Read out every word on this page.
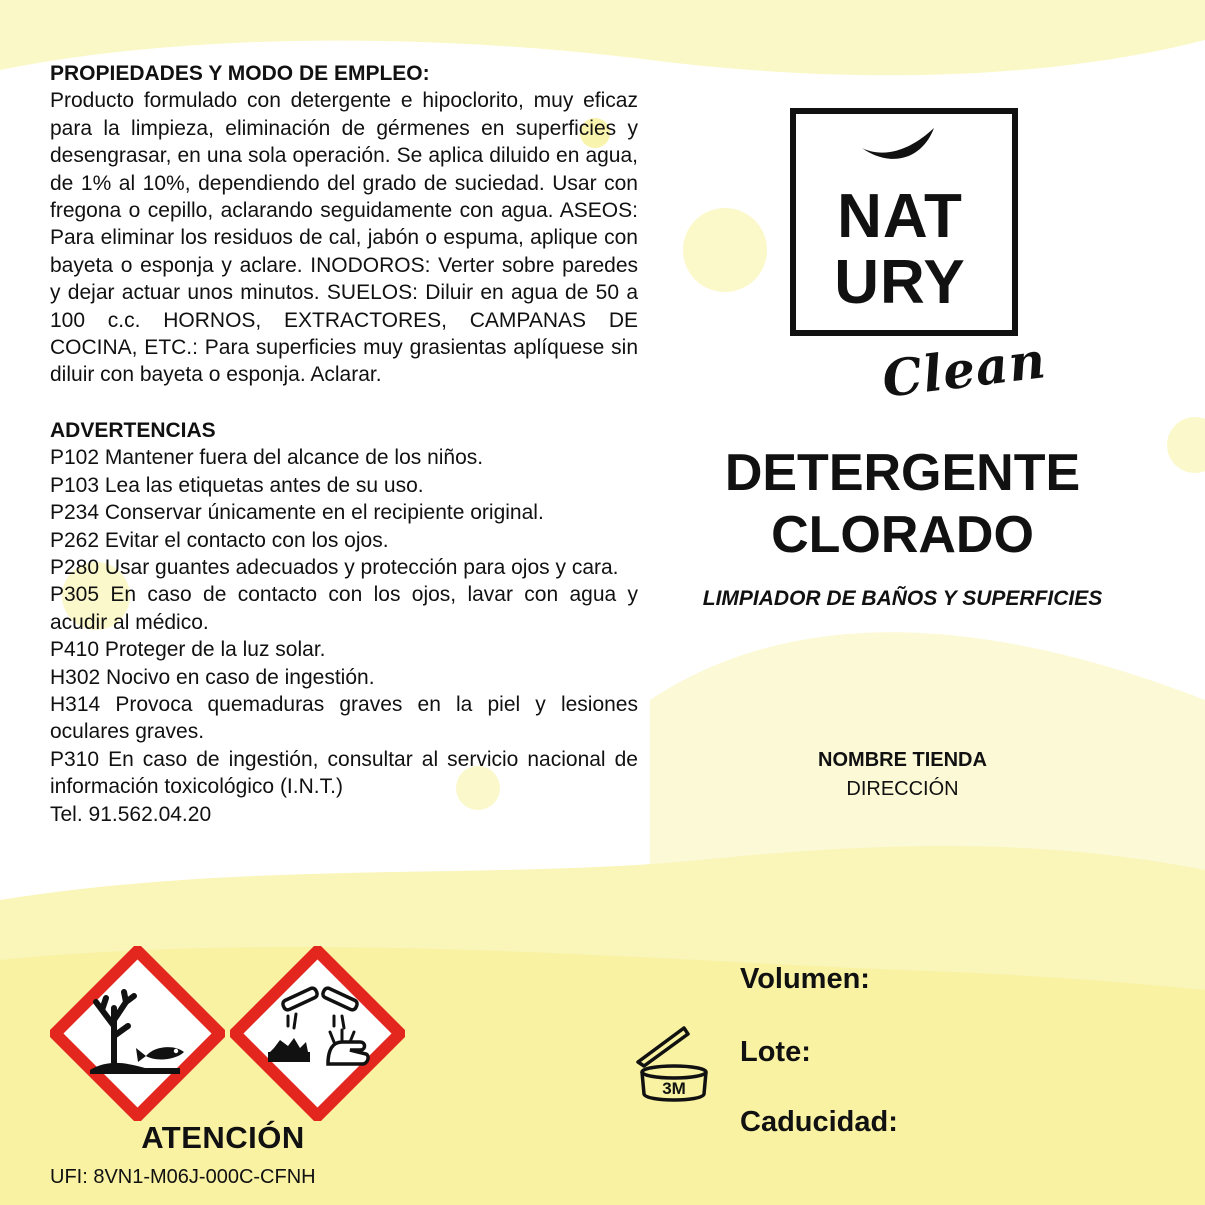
PROPIEDADES Y MODO DE EMPLEO:

Producto formulado con detergente e hipoclorito, muy eficaz para la limpieza, eliminación de gérmenes en superficies y desengrasar, en una sola operación. Se aplica diluido en agua, de 1% al 10%, dependiendo del grado de suciedad. Usar con fregona o cepillo, aclarando seguidamente con agua. ASEOS: Para eliminar los residuos de cal, jabón o espuma, aplique con bayeta o esponja y aclare. INODOROS: Verter sobre paredes y dejar actuar unos minutos. SUELOS: Diluir en agua de 50 a 100 c.c. HORNOS, EXTRACTORES, CAMPANAS DE COCINA, ETC.: Para superficies muy grasientas aplíquese sin diluir con bayeta o esponja. Aclarar.

ADVERTENCIAS

P102 Mantener fuera del alcance de los niños.

P103 Lea las etiquetas antes de su uso.

P234 Conservar únicamente en el recipiente original.

P262 Evitar el contacto con los ojos.

P280 Usar guantes adecuados y protección para ojos y cara.

P305 En caso de contacto con los ojos, lavar con agua y acudir al médico.

P410 Proteger de la luz solar.

H302 Nocivo en caso de ingestión.

H314 Provoca quemaduras graves en la piel y lesiones oculares graves.

P310 En caso de ingestión, consultar al servicio nacional de información toxicológico (I.N.T.)

Tel. 91.562.04.20

ATENCIÓN
UFI: 8VN1-M06J-000C-CFNH
NAT
URY
Clean
DETERGENTE
CLORADO
LIMPIADOR DE BAÑOS Y SUPERFICIES
NOMBRE TIENDA
DIRECCIÓN
Volumen:
Lote:
Caducidad:
3M
